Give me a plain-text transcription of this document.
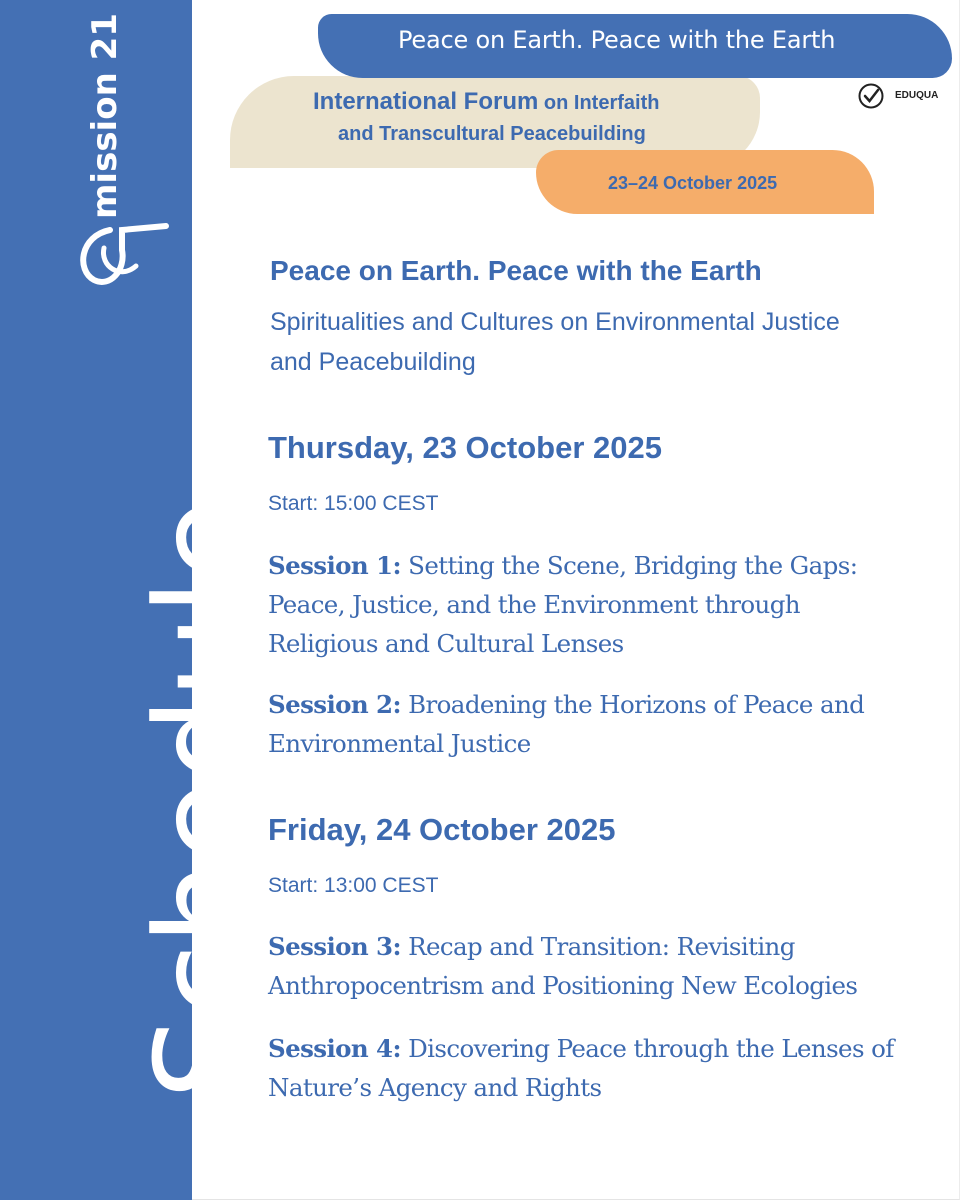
mission 21
Schedule
Peace on Earth. Peace with the Earth
International Forum on Interfaith
and Transcultural Peacebuilding
23–24 October 2025
EDUQUA
Peace on Earth. Peace with the Earth
Spiritualities and Cultures on Environmental Justice and Peacebuilding
Thursday, 23 October 2025
Start: 15:00 CEST
Session 1: Setting the Scene, Bridging the Gaps: Peace, Justice, and the Environment through Religious and Cultural Lenses
Session 2: Broadening the Horizons of Peace and Environmental Justice
Friday, 24 October 2025
Start: 13:00 CEST
Session 3: Recap and Transition: Revisiting Anthropocentrism and Positioning New Ecologies
Session 4: Discovering Peace through the Lenses of Nature’s Agency and Rights
